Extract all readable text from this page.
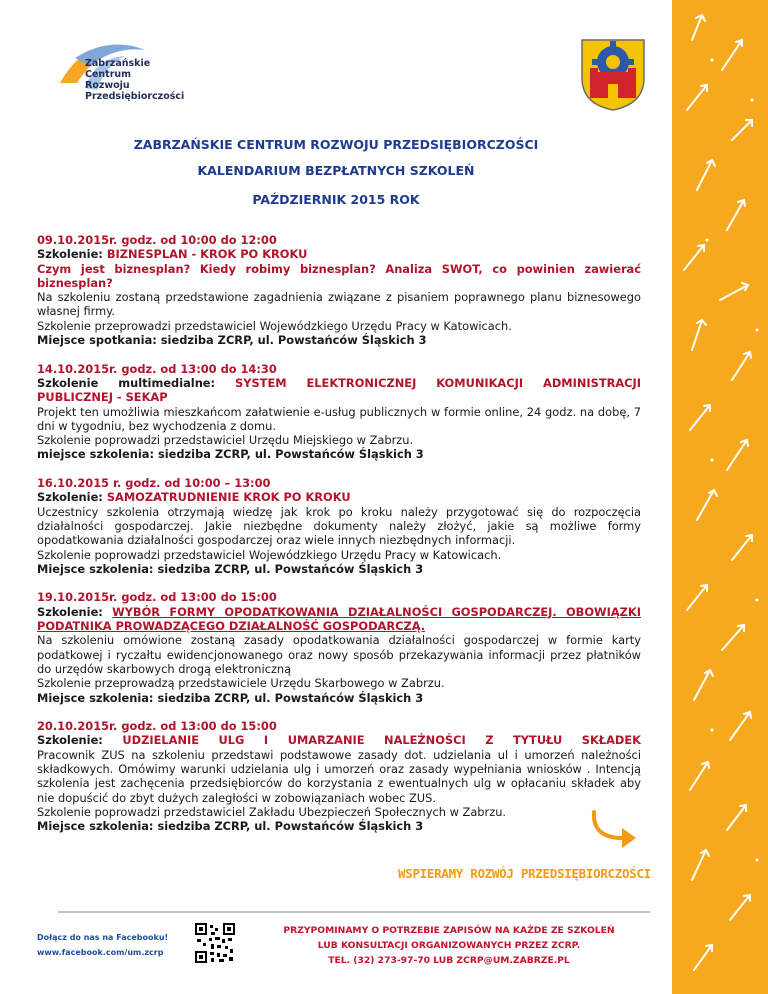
Zabrzańskie
Centrum
Rozwoju
Przedsiębiorczości
ZABRZAŃSKIE CENTRUM ROZWOJU PRZEDSIĘBIORCZOŚCI
KALENDARIUM BEZPŁATNYCH SZKOLEŃ
PAŹDZIERNIK 2015 ROK
09.10.2015r. godz. od 10:00 do 12:00
Szkolenie: BIZNESPLAN - KROK PO KROKU
Czym jest biznesplan? Kiedy robimy biznesplan? Analiza SWOT, co powinien zawierać biznesplan?
Na szkoleniu zostaną przedstawione zagadnienia związane z pisaniem poprawnego planu biznesowego własnej firmy.
Szkolenie przeprowadzi przedstawiciel Wojewódzkiego Urzędu Pracy w Katowicach.
Miejsce spotkania: siedziba ZCRP, ul. Powstańców Śląskich 3
14.10.2015r. godz. od 13:00 do 14:30
Szkolenie multimedialne: SYSTEM ELEKTRONICZNEJ KOMUNIKACJI ADMINISTRACJI PUBLICZNEJ - SEKAP
Projekt ten umożliwia mieszkańcom załatwienie e-usług publicznych w formie online, 24 godz. na dobę, 7 dni w tygodniu, bez wychodzenia z domu.
Szkolenie poprowadzi przedstawiciel Urzędu Miejskiego w Zabrzu.
miejsce szkolenia: siedziba ZCRP, ul. Powstańców Śląskich 3
16.10.2015 r. godz. od 10:00 – 13:00
Szkolenie: SAMOZATRUDNIENIE KROK PO KROKU
Uczestnicy szkolenia otrzymają wiedzę jak krok po kroku należy przygotować się do rozpoczęcia działalności gospodarczej. Jakie niezbędne dokumenty należy złożyć, jakie są możliwe formy opodatkowania działalności gospodarczej oraz wiele innych niezbędnych informacji.
Szkolenie poprowadzi przedstawiciel Wojewódzkiego Urzędu Pracy w Katowicach.
Miejsce szkolenia: siedziba ZCRP, ul. Powstańców Śląskich 3
19.10.2015r. godz. od 13:00 do 15:00
Szkolenie: WYBÓR FORMY OPODATKOWANIA DZIAŁALNOŚCI GOSPODARCZEJ. OBOWIĄZKI PODATNIKA PROWADZĄCEGO DZIAŁALNOŚĆ GOSPODARCZĄ.
Na szkoleniu omówione zostaną zasady opodatkowania działalności gospodarczej w formie karty podatkowej i ryczałtu ewidencjonowanego oraz nowy sposób przekazywania informacji przez płatników do urzędów skarbowych drogą elektroniczną
Szkolenie przeprowadzą przedstawiciele Urzędu Skarbowego w Zabrzu.
Miejsce szkolenia: siedziba ZCRP, ul. Powstańców Śląskich 3
20.10.2015r. godz. od 13:00 do 15:00
Szkolenie: UDZIELANIE ULG I UMARZANIE NALEŻNOŚCI Z TYTUŁU SKŁADEK
Pracownik ZUS na szkoleniu przedstawi podstawowe zasady dot. udzielania ul i umorzeń należności składkowych. Omówimy warunki udzielania ulg i umorzeń oraz zasady wypełniania wniosków . Intencją szkolenia jest zachęcenia przedsiębiorców do korzystania z ewentualnych ulg w opłacaniu składek aby nie dopuścić do zbyt dużych zaległości w zobowiązaniach wobec ZUS.
Szkolenie poprowadzi przedstawiciel Zakładu Ubezpieczeń Społecznych w Zabrzu.
Miejsce szkolenia: siedziba ZCRP, ul. Powstańców Śląskich 3
WSPIERAMY ROZWÓJ PRZEDSIĘBIORCZOŚCI
Dołącz do nas na Facebooku!
www.facebook.com/um.zcrp
PRZYPOMINAMY O POTRZEBIE ZAPISÓW NA KAŻDE ZE SZKOLEŃ
LUB KONSULTACJI ORGANIZOWANYCH PRZEZ ZCRP.
TEL. (32) 273-97-70 LUB ZCRP@UM.ZABRZE.PL
